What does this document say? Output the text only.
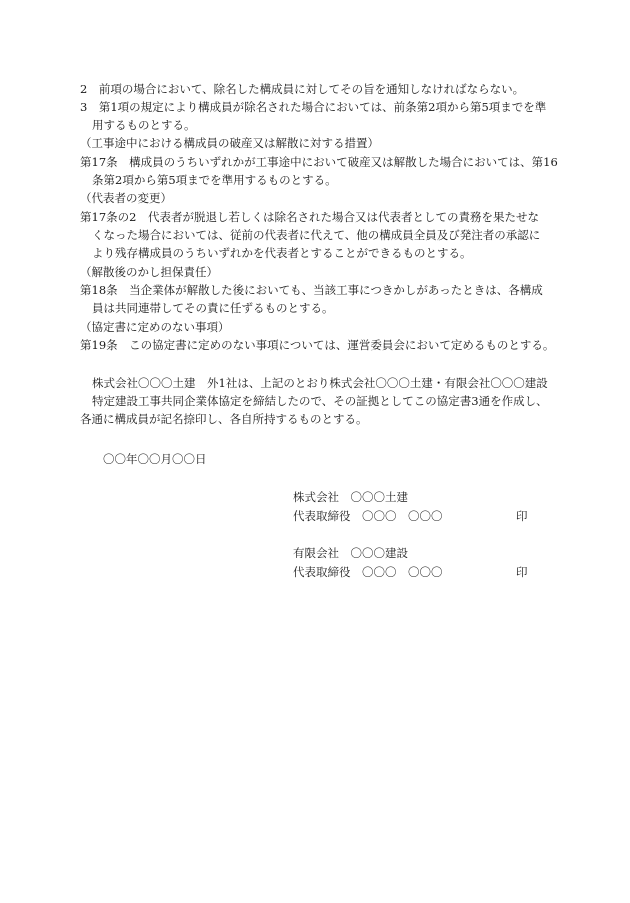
2　前項の場合において、除名した構成員に対してその旨を通知しなければならない。
3　第1項の規定により構成員が除名された場合においては、前条第2項から第5項までを準
用するものとする。
（工事途中における構成員の破産又は解散に対する措置）
第17条　構成員のうちいずれかが工事途中において破産又は解散した場合においては、第16
条第2項から第5項までを準用するものとする。
（代表者の変更）
第17条の2　代表者が脱退し若しくは除名された場合又は代表者としての責務を果たせな
くなった場合においては、従前の代表者に代えて、他の構成員全員及び発注者の承認に
より残存構成員のうちいずれかを代表者とすることができるものとする。
（解散後のかし担保責任）
第18条　当企業体が解散した後においても、当該工事につきかしがあったときは、各構成
員は共同連帯してその責に任ずるものとする。
（協定書に定めのない事項）
第19条　この協定書に定めのない事項については、運営委員会において定めるものとする。
株式会社〇〇〇土建　外1社は、上記のとおり株式会社〇〇〇土建・有限会社〇〇〇建設
特定建設工事共同企業体協定を締結したので、その証拠としてこの協定書3通を作成し、
各通に構成員が記名捺印し、各自所持するものとする。
〇〇年〇〇月〇〇日
株式会社　〇〇〇土建
代表取締役　〇〇〇　〇〇〇	印
有限会社　〇〇〇建設
代表取締役　〇〇〇　〇〇〇	印
